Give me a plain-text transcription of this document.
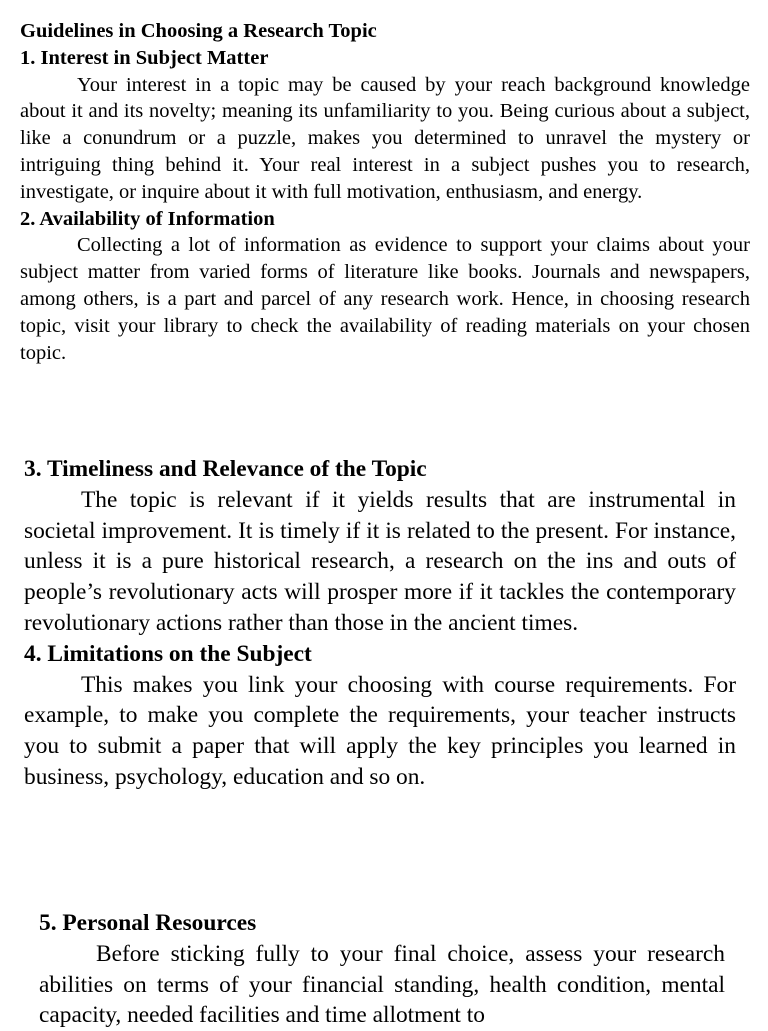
Guidelines in Choosing a Research Topic

1. Interest in Subject Matter

Your interest in a topic may be caused by your reach background knowledge about it and its novelty; meaning its unfamiliarity to you. Being curious about a subject, like a conundrum or a puzzle, makes you determined to unravel the mystery or intriguing thing behind it. Your real interest in a subject pushes you to research, investigate, or inquire about it with full motivation, enthusiasm, and energy.

2. Availability of Information

Collecting a lot of information as evidence to support your claims about your subject matter from varied forms of literature like books. Journals and newspapers, among others, is a part and parcel of any research work. Hence, in choosing research topic, visit your library to check the availability of reading materials on your chosen topic.

3. Timeliness and Relevance of the Topic

The topic is relevant if it yields results that are instrumental in societal improvement. It is timely if it is related to the present. For instance, unless it is a pure historical research, a research on the ins and outs of people’s revolutionary acts will prosper more if it tackles the contemporary revolutionary actions rather than those in the ancient times.

4. Limitations on the Subject

This makes you link your choosing with course requirements. For example, to make you complete the requirements, your teacher instructs you to submit a paper that will apply the key principles you learned in business, psychology, education and so on.

5. Personal Resources

Before sticking fully to your final choice, assess your research abilities on terms of your financial standing, health condition, mental capacity, needed facilities and time allotment to
